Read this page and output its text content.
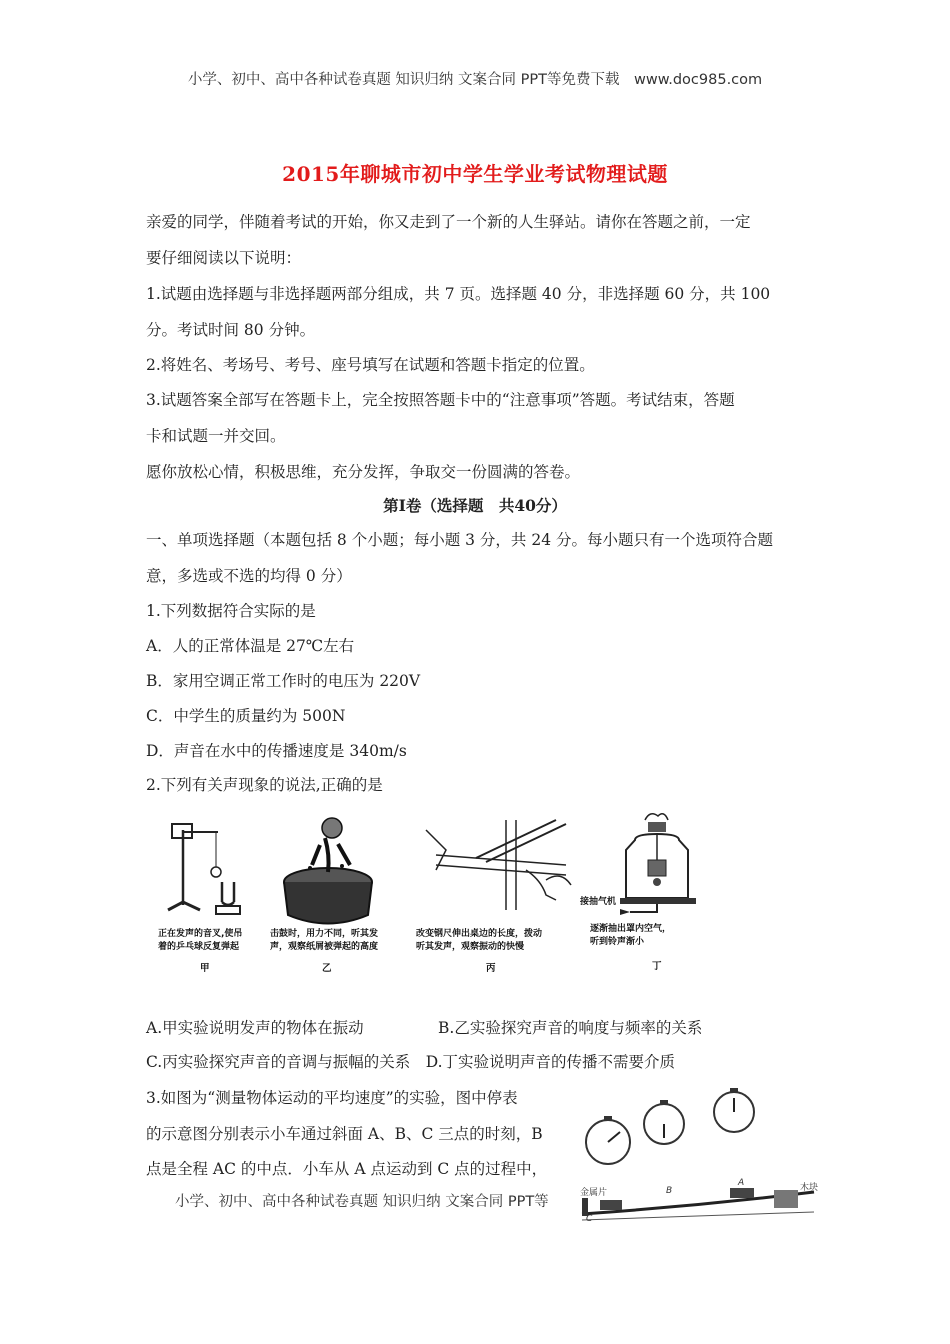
小学、初中、高中各种试卷真题 知识归纳 文案合同 PPT等免费下载　www.doc985.com
2015年聊城市初中学生学业考试物理试题
亲爱的同学，伴随着考试的开始，你又走到了一个新的人生驿站。请你在答题之前，一定
要仔细阅读以下说明：
1.试题由选择题与非选择题两部分组成，共 7 页。选择题 40 分，非选择题 60 分，共 100
分。考试时间 80 分钟。
2.将姓名、考场号、考号、座号填写在试题和答题卡指定的位置。
3.试题答案全部写在答题卡上，完全按照答题卡中的“注意事项”答题。考试结束，答题
卡和试题一并交回。
愿你放松心情，积极思维，充分发挥，争取交一份圆满的答卷。
第Ⅰ卷（选择题　共40分）
一、单项选择题（本题包括 8 个小题；每小题 3 分，共 24 分。每小题只有一个选项符合题
意，多选或不选的均得 0 分）
1.下列数据符合实际的是
A．人的正常体温是 27℃左右
B．家用空调正常工作时的电压为 220V
C．中学生的质量约为 500N
D．声音在水中的传播速度是 340m/s
2.下列有关声现象的说法,正确的是
正在发声的音叉,使吊
着的乒乓球反复弹起
甲
击鼓时，用力不同，听其发
声，观察纸屑被弹起的高度
乙
改变钢尺伸出桌边的长度，拨动
听其发声，观察振动的快慢
丙
接抽气机
逐渐抽出罩内空气，
听到铃声渐小
丁
A.甲实验说明发声的物体在振动	B.乙实验探究声音的响度与频率的关系
C.丙实验探究声音的音调与振幅的关系　D.丁实验说明声音的传播不需要介质
3.如图为“测量物体运动的平均速度”的实验，图中停表
的示意图分别表示小车通过斜面 A、B、C 三点的时刻，B
点是全程 AC 的中点．小车从 A 点运动到 C 点的过程中，
金属片	B
A
C
木块
小学、初中、高中各种试卷真题 知识归纳 文案合同 PPT等
